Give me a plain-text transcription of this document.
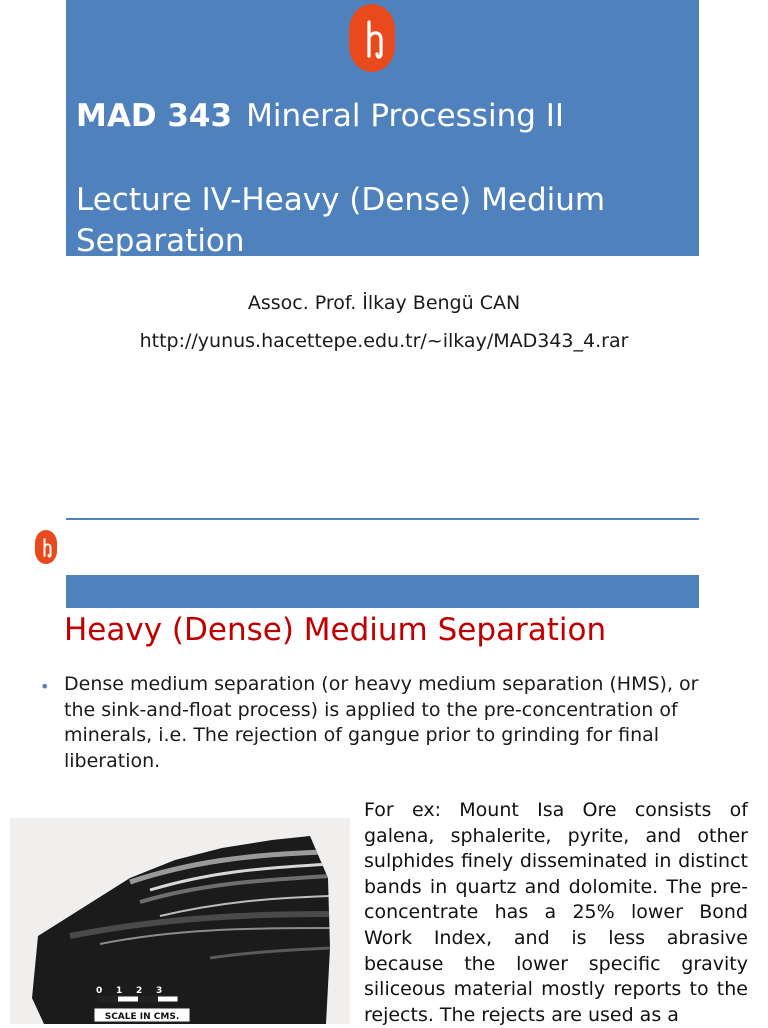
MAD 343 Mineral Processing II
Lecture IV-Heavy (Dense) Medium Separation
Assoc. Prof. İlkay Bengü CAN
http://yunus.hacettepe.edu.tr/~ilkay/MAD343_4.rar
Heavy (Dense) Medium Separation
• Dense medium separation (or heavy medium separation (HMS), or the sink-and-float process) is applied to the pre-concentration of minerals, i.e. The rejection of gangue prior to grinding for final liberation.
0 1 2 3
SCALE IN CMS.
For ex: Mount Isa Ore consists of galena, sphalerite, pyrite, and other sulphides finely disseminated in distinct bands in quartz and dolomite. The pre-concentrate has a 25% lower Bond Work Index, and is less abrasive because the lower specific gravity siliceous material mostly reports to the rejects. The rejects are used as a
